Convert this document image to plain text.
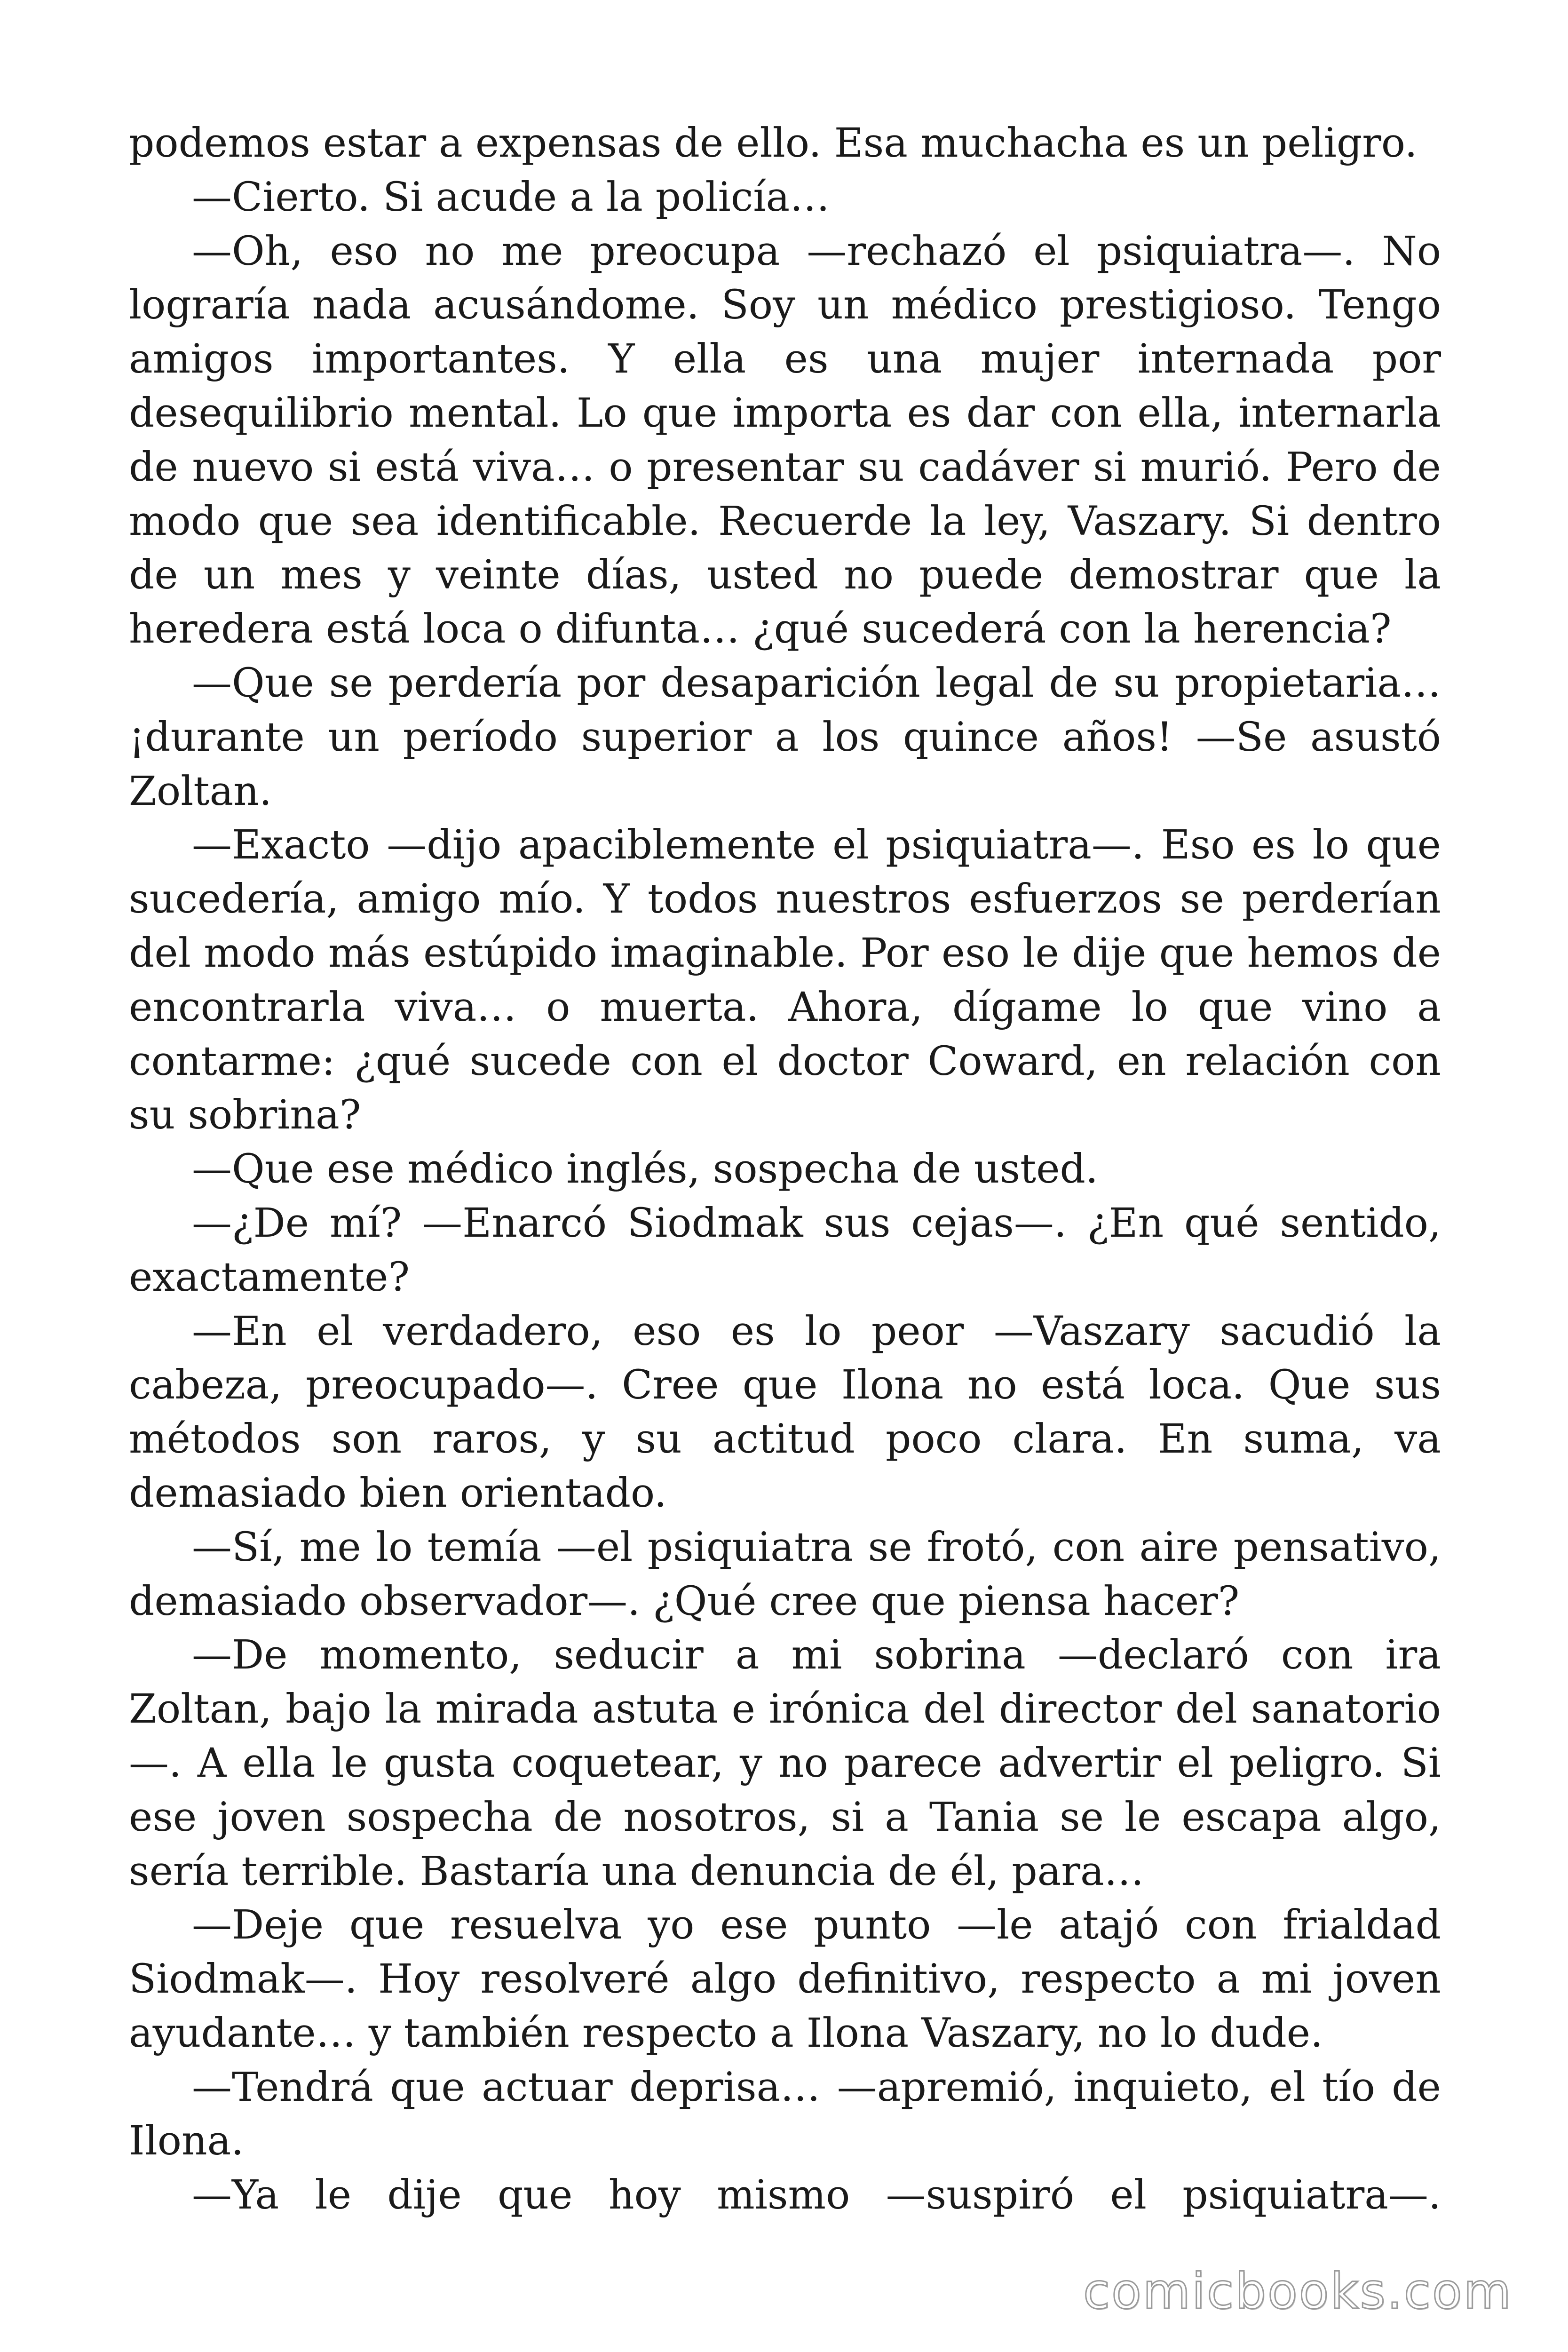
podemos estar a expensas de ello. Esa muchacha es un peligro.

—Cierto. Si acude a la policía…

—Oh, eso no me preocupa —rechazó el psiquiatra—. No lograría nada acusándome. Soy un médico prestigioso. Tengo amigos importantes. Y ella es una mujer internada por desequilibrio mental. Lo que importa es dar con ella, internarla de nuevo si está viva… o presentar su cadáver si murió. Pero de modo que sea identificable. Recuerde la ley, Vaszary. Si dentro de un mes y veinte días, usted no puede demostrar que la heredera está loca o difunta… ¿qué sucederá con la herencia?

—Que se perdería por desaparición legal de su propietaria… ¡durante un período superior a los quince años! —Se asustó Zoltan.

—Exacto —dijo apaciblemente el psiquiatra—. Eso es lo que sucedería, amigo mío. Y todos nuestros esfuerzos se perderían del modo más estúpido imaginable. Por eso le dije que hemos de encontrarla viva… o muerta. Ahora, dígame lo que vino a contarme: ¿qué sucede con el doctor Coward, en relación con su sobrina?

—Que ese médico inglés, sospecha de usted.

—¿De mí? —Enarcó Siodmak sus cejas—. ¿En qué sentido, exactamente?

—En el verdadero, eso es lo peor —Vaszary sacudió la cabeza, preocupado—. Cree que Ilona no está loca. Que sus métodos son raros, y su actitud poco clara. En suma, va demasiado bien orientado.

—Sí, me lo temía —el psiquiatra se frotó, con aire pensativo, demasiado observador—. ¿Qué cree que piensa hacer?

—De momento, seducir a mi sobrina —declaró con ira Zoltan, bajo la mirada astuta e irónica del director del sanatorio—. A ella le gusta coquetear, y no parece advertir el peligro. Si ese joven sospecha de nosotros, si a Tania se le escapa algo, sería terrible. Bastaría una denuncia de él, para…

—Deje que resuelva yo ese punto —le atajó con frialdad Siodmak—. Hoy resolveré algo definitivo, respecto a mi joven ayudante… y también respecto a Ilona Vaszary, no lo dude.

—Tendrá que actuar deprisa… —apremió, inquieto, el tío de Ilona.

—Ya le dije que hoy mismo —suspiró el psiquiatra—.

comicbooks.com
